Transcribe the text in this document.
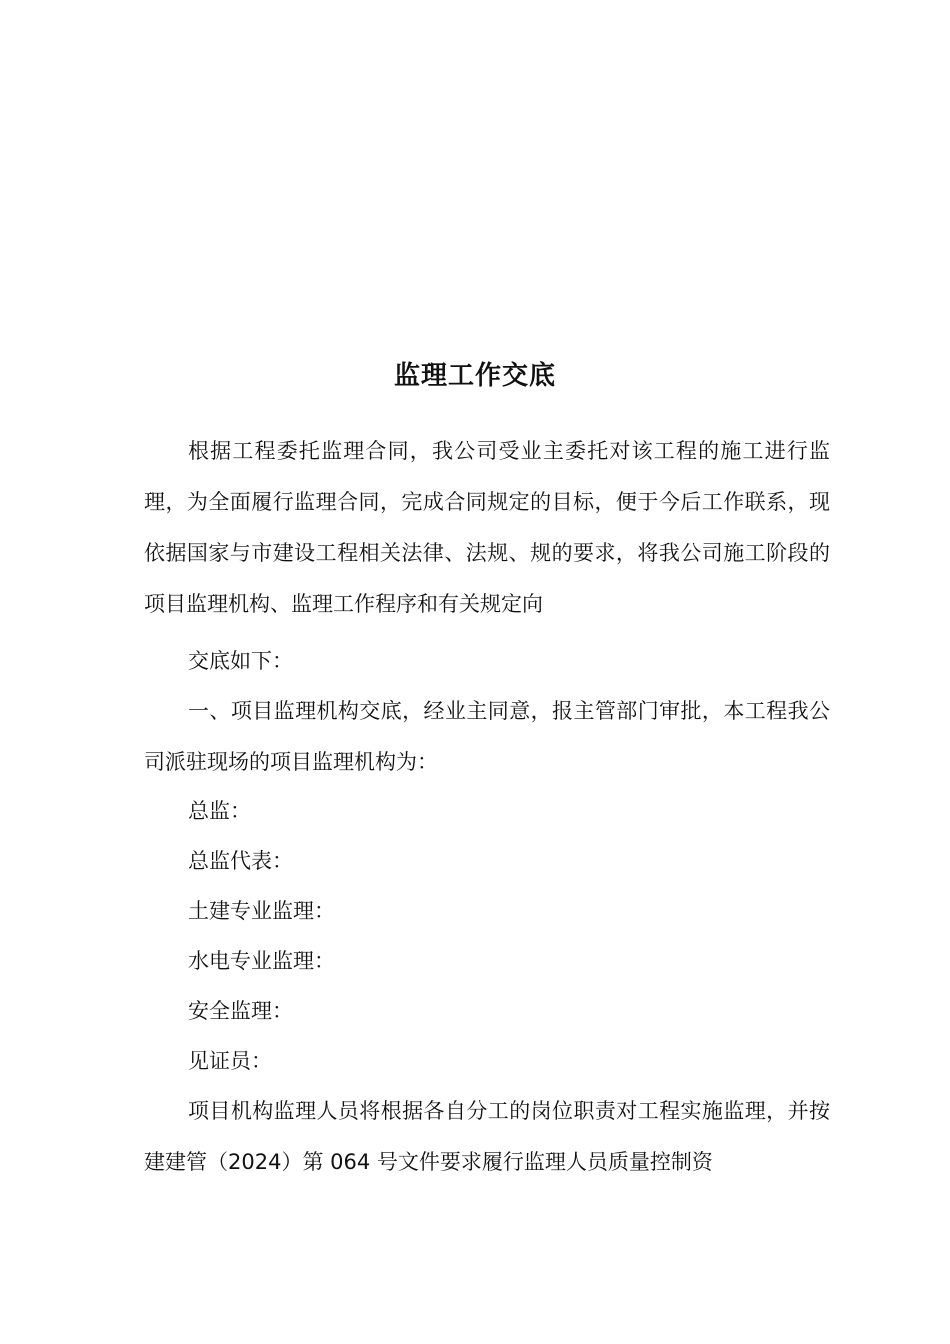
监理工作交底

根据工程委托监理合同，我公司受业主委托对该工程的施工进行监理，为全面履行监理合同，完成合同规定的目标，便于今后工作联系，现依据国家与市建设工程相关法律、法规、规的要求，将我公司施工阶段的项目监理机构、监理工作程序和有关规定向

交底如下：

一、项目监理机构交底，经业主同意，报主管部门审批，本工程我公司派驻现场的项目监理机构为：

总监：
总监代表：
土建专业监理：
水电专业监理：
安全监理：
见证员：

项目机构监理人员将根据各自分工的岗位职责对工程实施监理，并按建建管（2024）第 064 号文件要求履行监理人员质量控制资
